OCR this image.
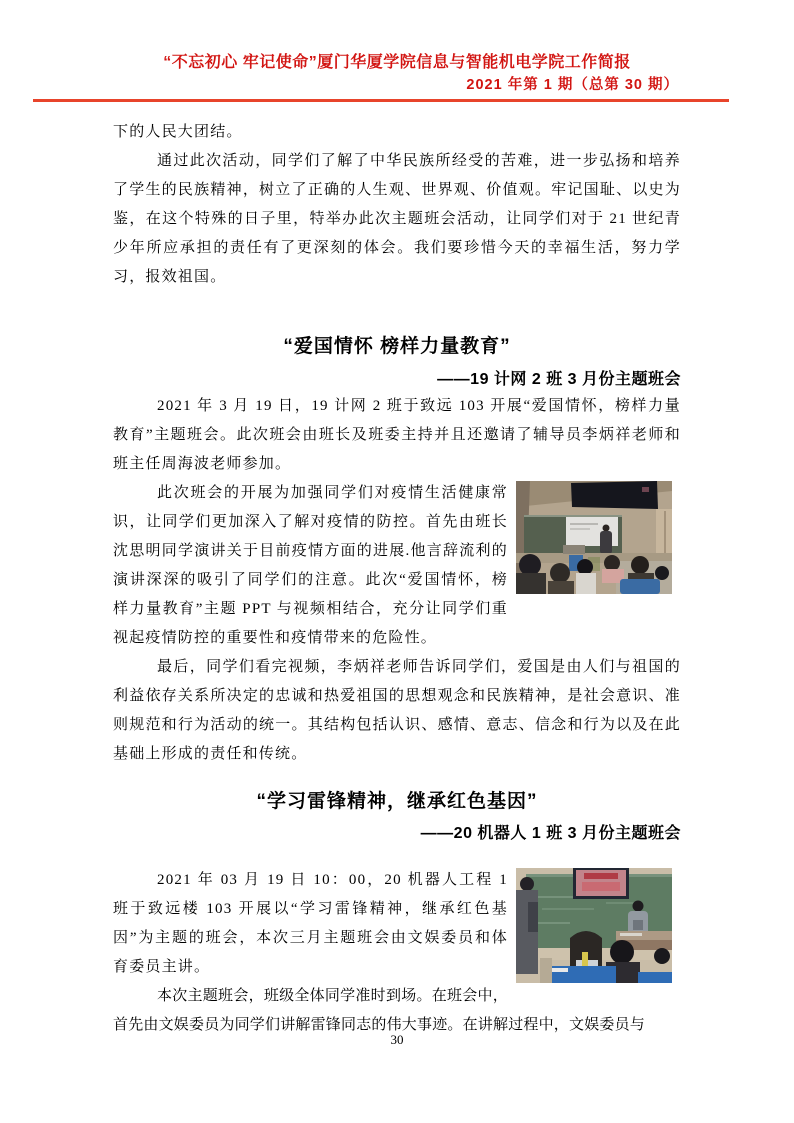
“不忘初心 牢记使命”厦门华厦学院信息与智能机电学院工作简报
2021 年第 1 期（总第 30 期）

下的人民大团结。

通过此次活动，同学们了解了中华民族所经受的苦难，进一步弘扬和培养了学生的民族精神，树立了正确的人生观、世界观、价值观。牢记国耻、以史为鉴，在这个特殊的日子里，特举办此次主题班会活动，让同学们对于 21 世纪青少年所应承担的责任有了更深刻的体会。我们要珍惜今天的幸福生活，努力学习，报效祖国。

“爱国情怀 榜样力量教育”
——19 计网 2 班 3 月份主题班会

2021 年 3 月 19 日，19 计网 2 班于致远 103 开展“爱国情怀，榜样力量教育”主题班会。此次班会由班长及班委主持并且还邀请了辅导员李炳祥老师和班主任周海波老师参加。

此次班会的开展为加强同学们对疫情生活健康常识，让同学们更加深入了解对疫情的防控。首先由班长沈思明同学演讲关于目前疫情方面的进展.他言辞流利的演讲深深的吸引了同学们的注意。此次“爱国情怀，榜样力量教育”主题 PPT 与视频相结合，充分让同学们重视起疫情防控的重要性和疫情带来的危险性。

最后，同学们看完视频，李炳祥老师告诉同学们，爱国是由人们与祖国的利益依存关系所决定的忠诚和热爱祖国的思想观念和民族精神，是社会意识、准则规范和行为活动的统一。其结构包括认识、感情、意志、信念和行为以及在此基础上形成的责任和传统。

“学习雷锋精神，继承红色基因”
——20 机器人 1 班 3 月份主题班会

2021 年 03 月 19 日 10：00，20 机器人工程 1 班于致远楼 103 开展以“学习雷锋精神，继承红色基因”为主题的班会，本次三月主题班会由文娱委员和体育委员主讲。

本次主题班会，班级全体同学准时到场。在班会中，首先由文娱委员为同学们讲解雷锋同志的伟大事迹。在讲解过程中，文娱委员与

30
